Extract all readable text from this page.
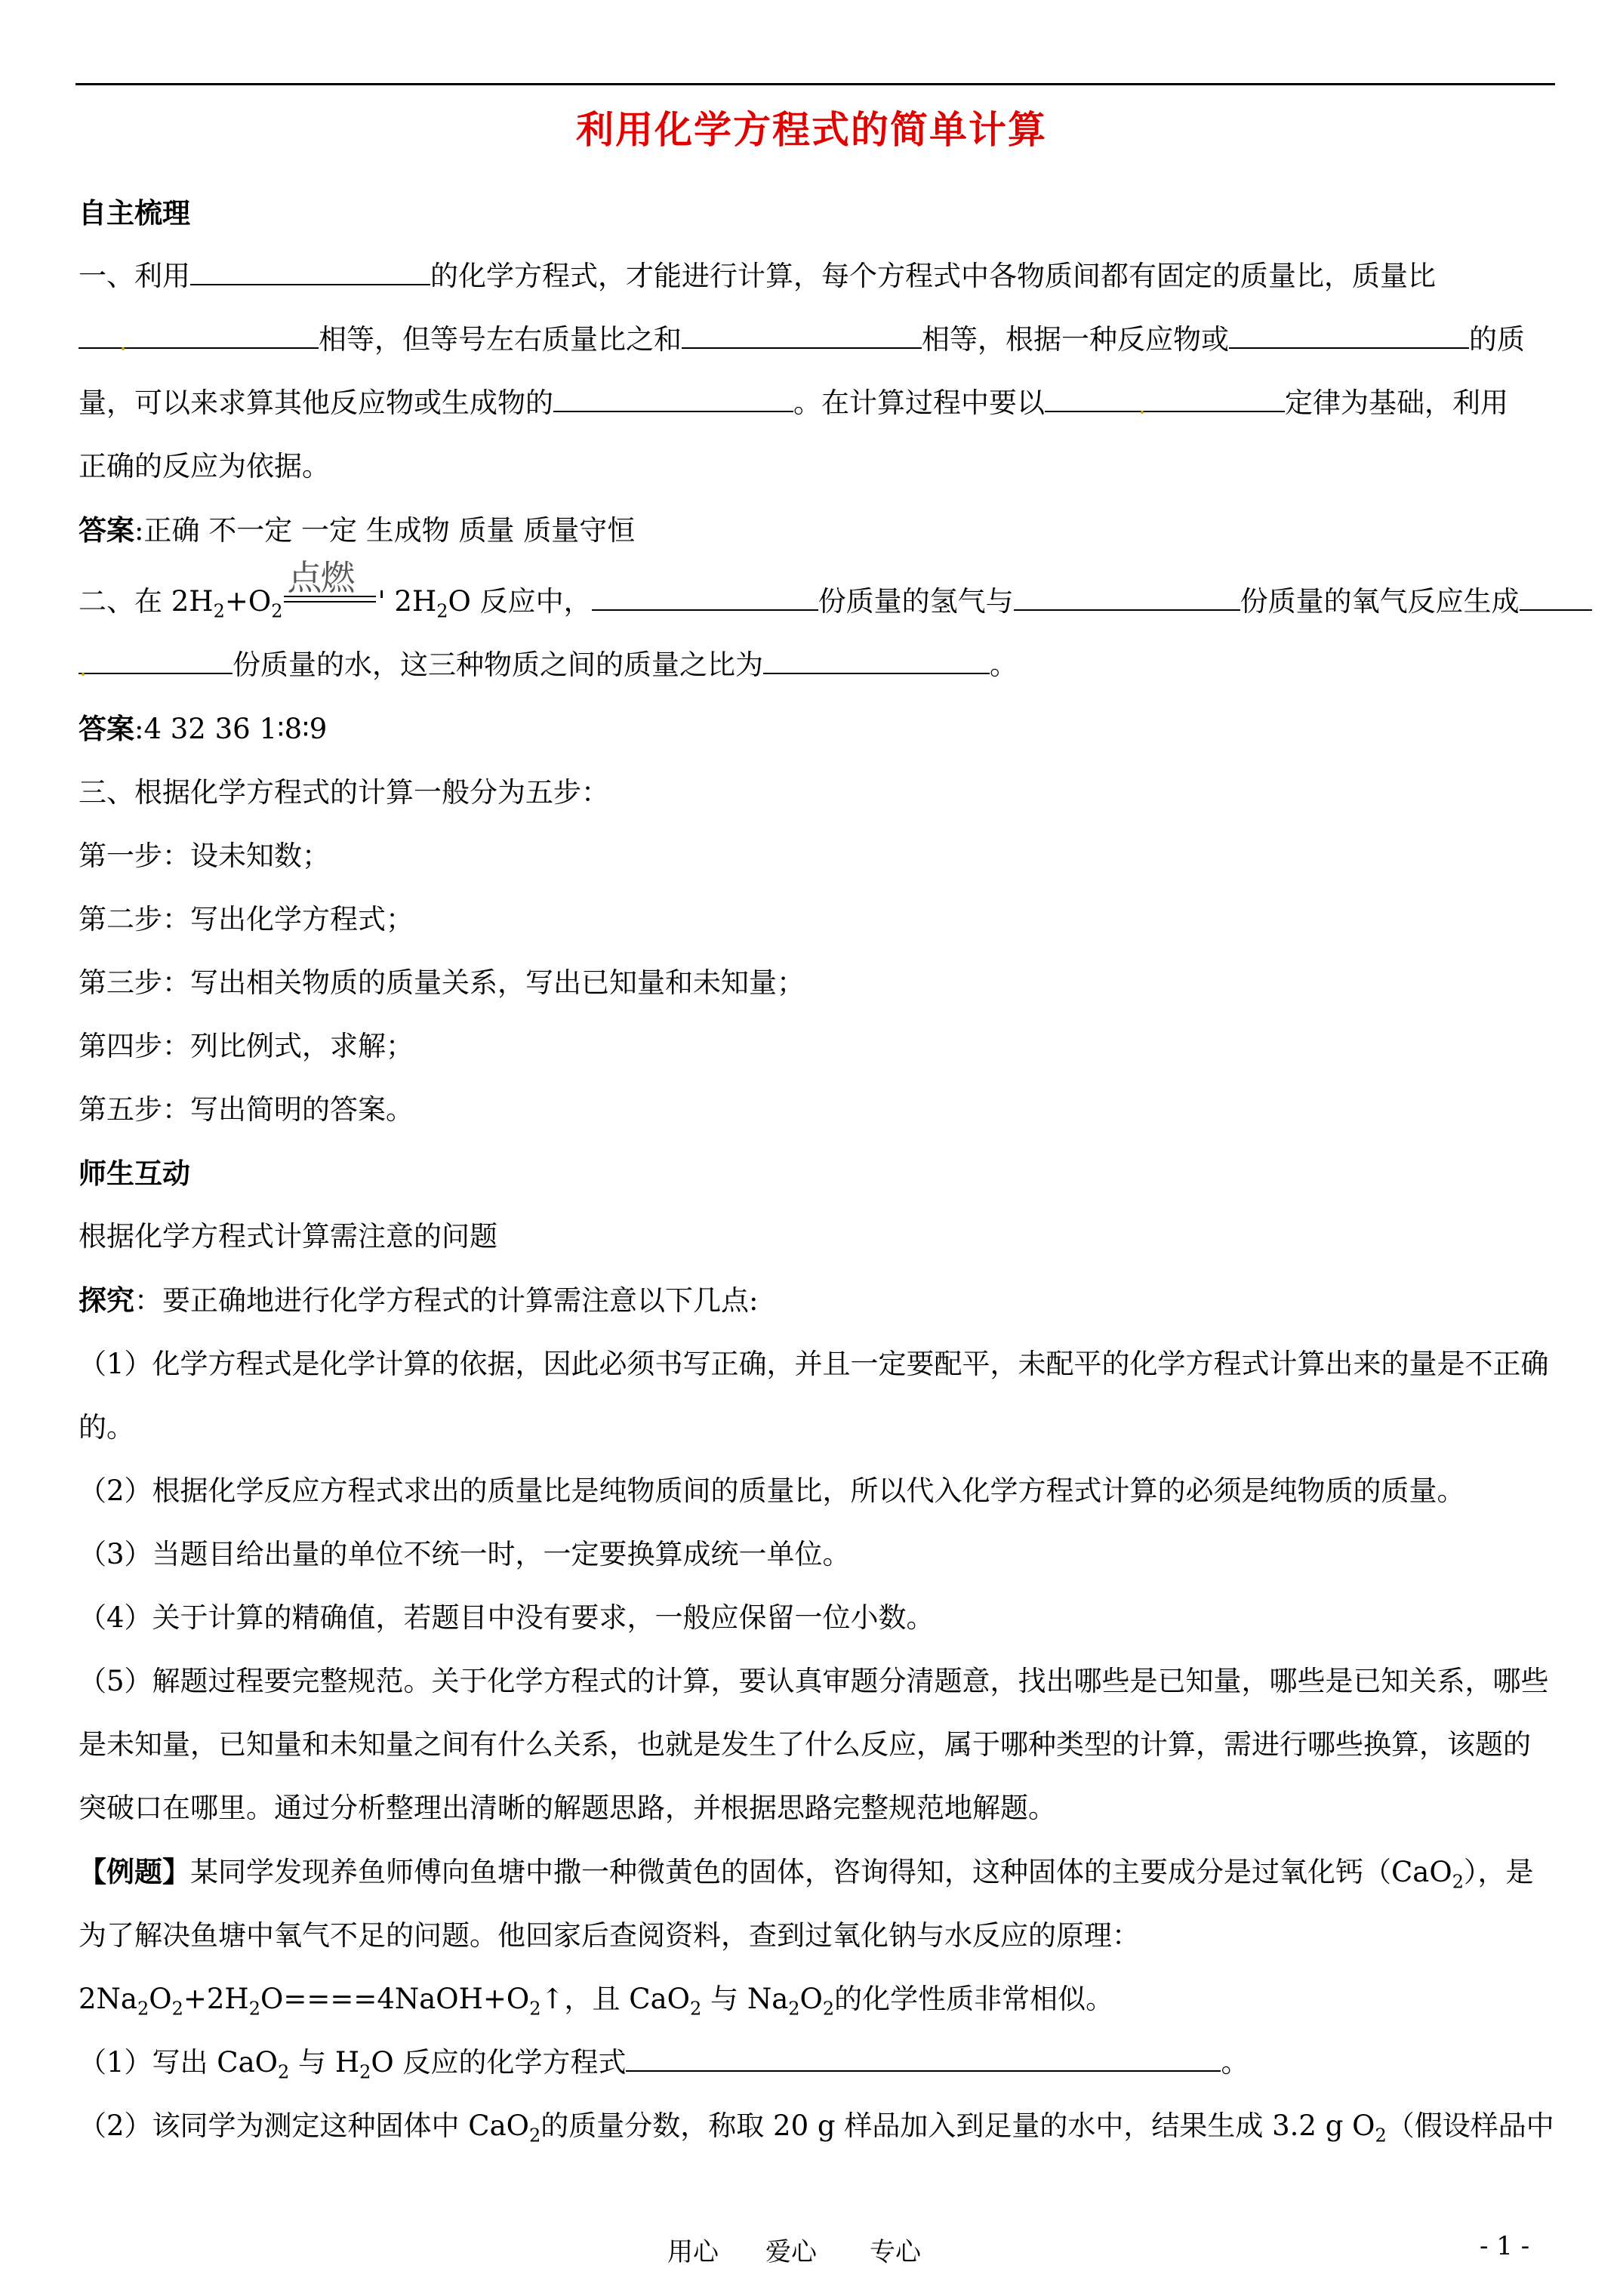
利用化学方程式的简单计算

自主梳理

一、利用	的化学方程式，才能进行计算，每个方程式中各物质间都有固定的质量比，质量比

相等，但等号左右质量比之和	相等，根据一种反应物或	的质

量，可以来求算其他反应物或生成物的	。在计算过程中要以	定律为基础，利用

正确的反应为依据。

答案:正确 不一定 一定 生成物 质量 质量守恒

二、在 $2H_2+O_2$
点燃
' $2H_2O$ 反应中，	份质量的氢气与	份质量的氧气反应生成

份质量的水，这三种物质之间的质量之比为	。

答案:4 32 36 1∶8∶9

三、根据化学方程式的计算一般分为五步：

第一步：设未知数；

第二步：写出化学方程式；

第三步：写出相关物质的质量关系，写出已知量和未知量；

第四步：列比例式，求解；

第五步：写出简明的答案。

师生互动

根据化学方程式计算需注意的问题

探究：要正确地进行化学方程式的计算需注意以下几点:

（1）化学方程式是化学计算的依据，因此必须书写正确，并且一定要配平，未配平的化学方程式计算出来的量是不正确的。

（2）根据化学反应方程式求出的质量比是纯物质间的质量比，所以代入化学方程式计算的必须是纯物质的质量。

（3）当题目给出量的单位不统一时，一定要换算成统一单位。

（4）关于计算的精确值，若题目中没有要求，一般应保留一位小数。

（5）解题过程要完整规范。关于化学方程式的计算，要认真审题分清题意，找出哪些是已知量，哪些是已知关系，哪些是未知量，已知量和未知量之间有什么关系，也就是发生了什么反应，属于哪种类型的计算，需进行哪些换算，该题的突破口在哪里。通过分析整理出清晰的解题思路，并根据思路完整规范地解题。

【例题】某同学发现养鱼师傅向鱼塘中撒一种微黄色的固体，咨询得知，这种固体的主要成分是过氧化钙（CaO$_2$），是为了解决鱼塘中氧气不足的问题。他回家后查阅资料，查到过氧化钠与水反应的原理：$2Na_2O_2+2H_2O====4NaOH+O_2↑$，且 CaO$_2$ 与 $Na_2O_2$的化学性质非常相似。

（1）写出 CaO$_2$ 与 $H_2O$ 反应的化学方程式	。

（2）该同学为测定这种固体中 CaO$_2$的质量分数，称取 20 g 样品加入到足量的水中，结果生成 3.2 g $O_2$（假设样品中

用心 爱心 专心	- 1 -
